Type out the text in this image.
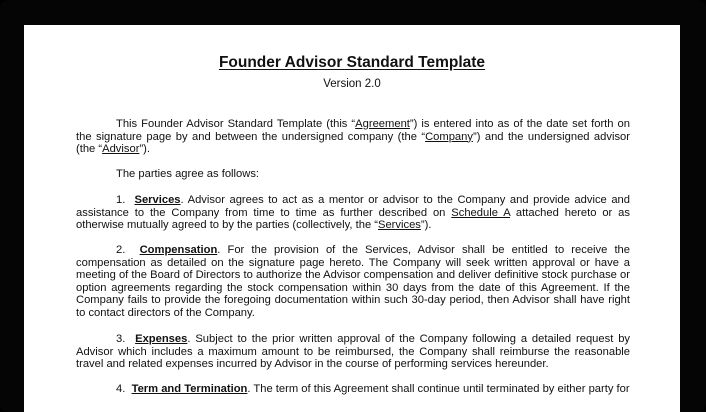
Founder Advisor Standard Template
Version 2.0

This Founder Advisor Standard Template (this “Agreement”) is entered into as of the date set forth on the signature page by and between the undersigned company (the “Company”) and the undersigned advisor (the “Advisor”).

The parties agree as follows:

1. Services. Advisor agrees to act as a mentor or advisor to the Company and provide advice and assistance to the Company from time to time as further described on Schedule A attached hereto or as otherwise mutually agreed to by the parties (collectively, the “Services”).

2. Compensation. For the provision of the Services, Advisor shall be entitled to receive the compensation as detailed on the signature page hereto. The Company will seek written approval or have a meeting of the Board of Directors to authorize the Advisor compensation and deliver definitive stock purchase or option agreements regarding the stock compensation within 30 days from the date of this Agreement. If the Company fails to provide the foregoing documentation within such 30-day period, then Advisor shall have right to contact directors of the Company.

3. Expenses. Subject to the prior written approval of the Company following a detailed request by Advisor which includes a maximum amount to be reimbursed, the Company shall reimburse the reasonable travel and related expenses incurred by Advisor in the course of performing services hereunder.

4. Term and Termination. The term of this Agreement shall continue until terminated by either party for
